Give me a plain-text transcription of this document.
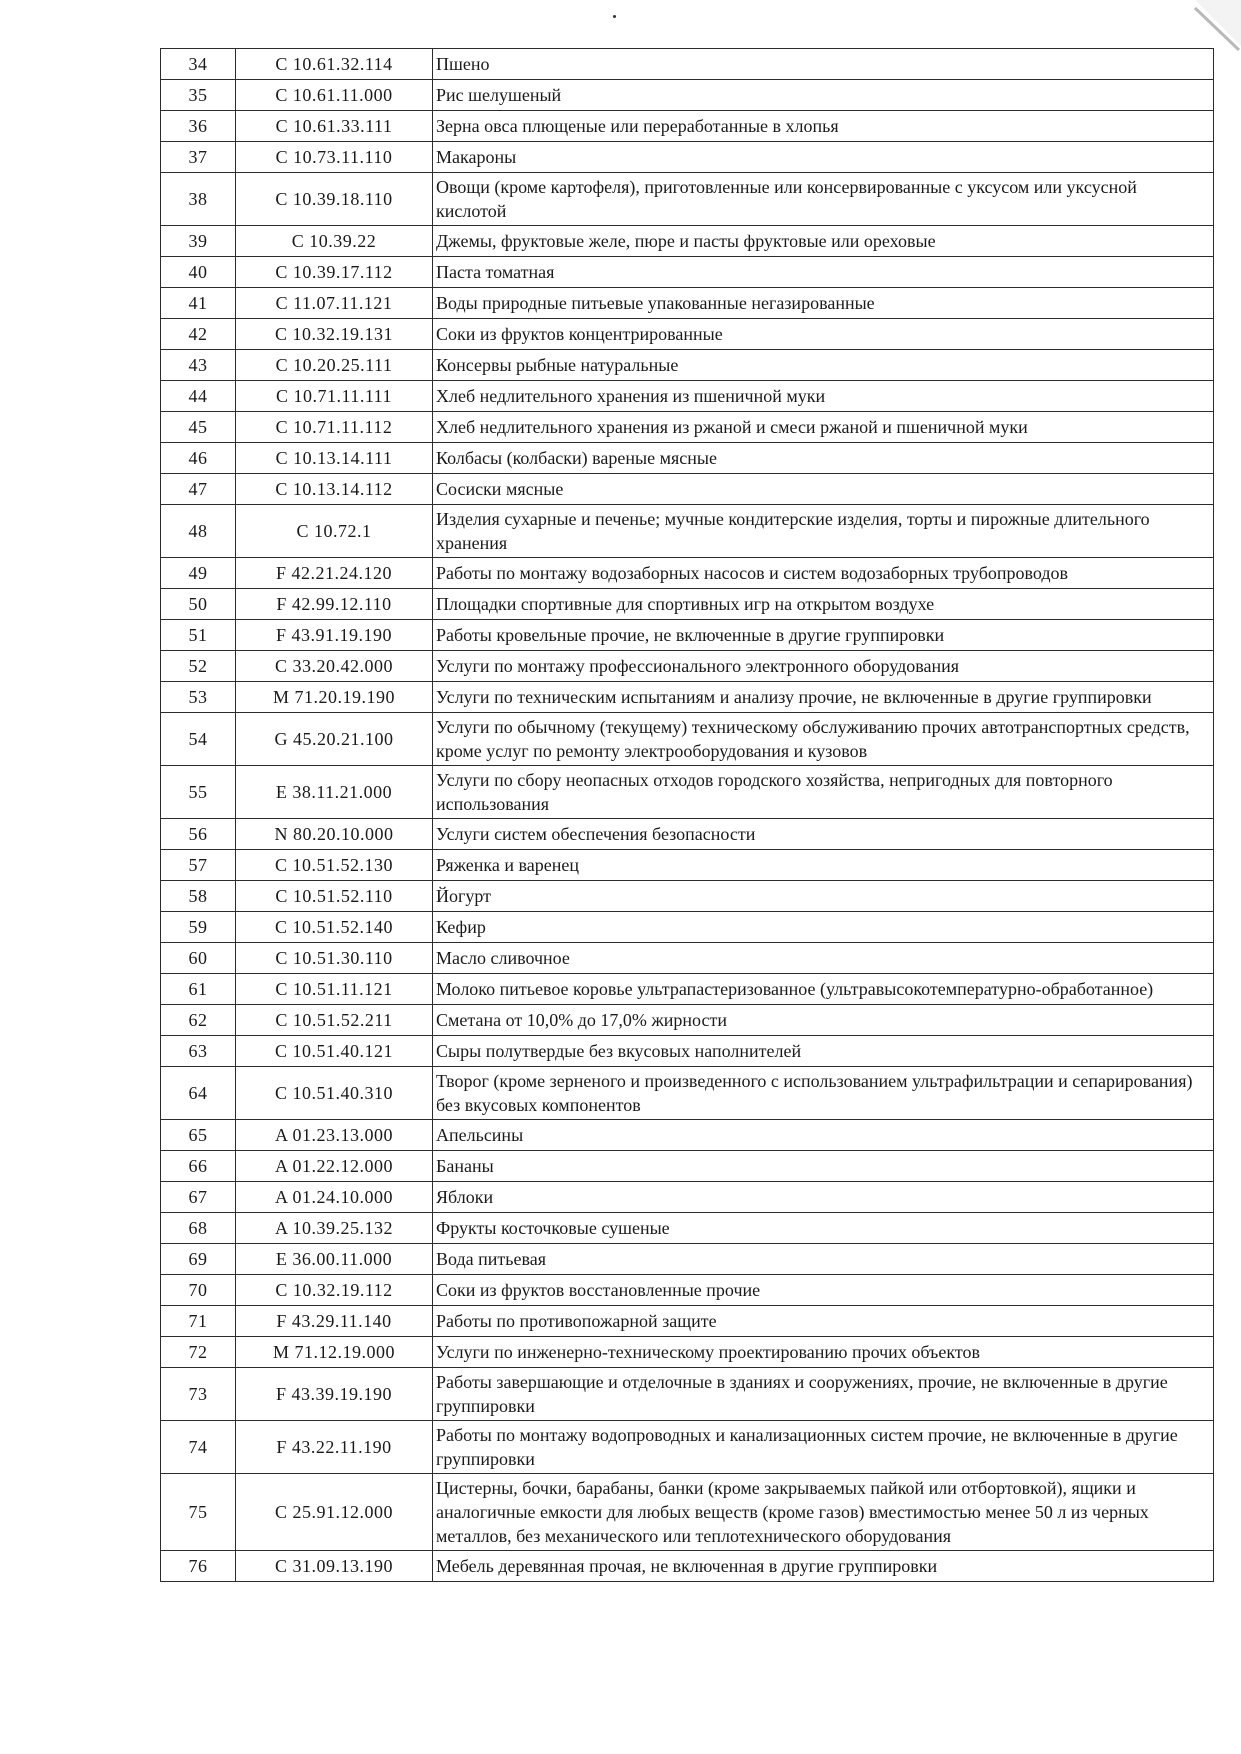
34	C 10.61.32.114	Пшено
35	C 10.61.11.000	Рис шелушеный
36	C 10.61.33.111	Зерна овса плющеные или переработанные в хлопья
37	C 10.73.11.110	Макароны
38	C 10.39.18.110	Овощи (кроме картофеля), приготовленные или консервированные с уксусом или уксусной кислотой
39	C 10.39.22	Джемы, фруктовые желе, пюре и пасты фруктовые или ореховые
40	C 10.39.17.112	Паста томатная
41	C 11.07.11.121	Воды природные питьевые упакованные негазированные
42	C 10.32.19.131	Соки из фруктов концентрированные
43	C 10.20.25.111	Консервы рыбные натуральные
44	C 10.71.11.111	Хлеб недлительного хранения из пшеничной муки
45	C 10.71.11.112	Хлеб недлительного хранения из ржаной и смеси ржаной и пшеничной муки
46	C 10.13.14.111	Колбасы (колбаски) вареные мясные
47	C 10.13.14.112	Сосиски мясные
48	C 10.72.1	Изделия сухарные и печенье; мучные кондитерские изделия, торты и пирожные длительного хранения
49	F 42.21.24.120	Работы по монтажу водозаборных насосов и систем водозаборных трубопроводов
50	F 42.99.12.110	Площадки спортивные для спортивных игр на открытом воздухе
51	F 43.91.19.190	Работы кровельные прочие, не включенные в другие группировки
52	C 33.20.42.000	Услуги по монтажу профессионального электронного оборудования
53	M 71.20.19.190	Услуги по техническим испытаниям и анализу прочие, не включенные в другие группировки
54	G 45.20.21.100	Услуги по обычному (текущему) техническому обслуживанию прочих автотранспортных средств, кроме услуг по ремонту электрооборудования и кузовов
55	E 38.11.21.000	Услуги по сбору неопасных отходов городского хозяйства, непригодных для повторного использования
56	N 80.20.10.000	Услуги систем обеспечения безопасности
57	C 10.51.52.130	Ряженка и варенец
58	C 10.51.52.110	Йогурт
59	C 10.51.52.140	Кефир
60	C 10.51.30.110	Масло сливочное
61	C 10.51.11.121	Молоко питьевое коровье ультрапастеризованное (ультравысокотемпературно-обработанное)
62	C 10.51.52.211	Сметана от 10,0% до 17,0% жирности
63	C 10.51.40.121	Сыры полутвердые без вкусовых наполнителей
64	C 10.51.40.310	Творог (кроме зерненого и произведенного с использованием ультрафильтрации и сепарирования) без вкусовых компонентов
65	A 01.23.13.000	Апельсины
66	A 01.22.12.000	Бананы
67	A 01.24.10.000	Яблоки
68	A 10.39.25.132	Фрукты косточковые сушеные
69	E 36.00.11.000	Вода питьевая
70	C 10.32.19.112	Соки из фруктов восстановленные прочие
71	F 43.29.11.140	Работы по противопожарной защите
72	M 71.12.19.000	Услуги по инженерно-техническому проектированию прочих объектов
73	F 43.39.19.190	Работы завершающие и отделочные в зданиях и сооружениях, прочие, не включенные в другие группировки
74	F 43.22.11.190	Работы по монтажу водопроводных и канализационных систем прочие, не включенные в другие группировки
75	C 25.91.12.000	Цистерны, бочки, барабаны, банки (кроме закрываемых пайкой или отбортовкой), ящики и аналогичные емкости для любых веществ (кроме газов) вместимостью менее 50 л из черных металлов, без механического или теплотехнического оборудования
76	C 31.09.13.190	Мебель деревянная прочая, не включенная в другие группировки
